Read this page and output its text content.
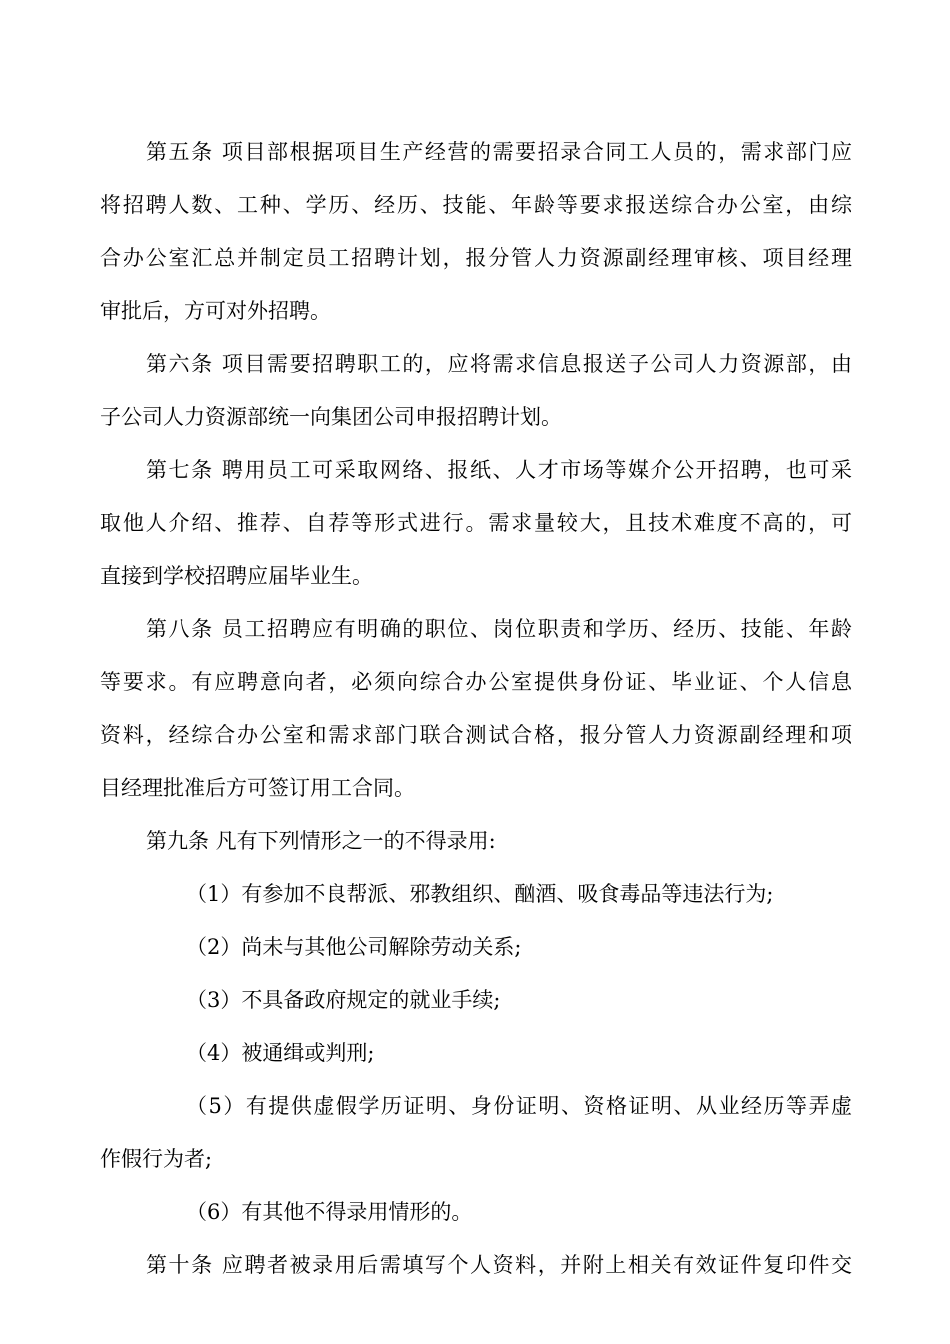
第五条 项目部根据项目生产经营的需要招录合同工人员的，需求部门应
将招聘人数、工种、学历、经历、技能、年龄等要求报送综合办公室，由综
合办公室汇总并制定员工招聘计划，报分管人力资源副经理审核、项目经理
审批后，方可对外招聘。
第六条 项目需要招聘职工的，应将需求信息报送子公司人力资源部，由
子公司人力资源部统一向集团公司申报招聘计划。
第七条 聘用员工可采取网络、报纸、人才市场等媒介公开招聘，也可采
取他人介绍、推荐、自荐等形式进行。需求量较大，且技术难度不高的，可
直接到学校招聘应届毕业生。
第八条 员工招聘应有明确的职位、岗位职责和学历、经历、技能、年龄
等要求。有应聘意向者，必须向综合办公室提供身份证、毕业证、个人信息
资料，经综合办公室和需求部门联合测试合格，报分管人力资源副经理和项
目经理批准后方可签订用工合同。
第九条 凡有下列情形之一的不得录用:
（1）有参加不良帮派、邪教组织、酗酒、吸食毒品等违法行为;
（2）尚未与其他公司解除劳动关系;
（3）不具备政府规定的就业手续;
（4）被通缉或判刑;
（5）有提供虚假学历证明、身份证明、资格证明、从业经历等弄虚
作假行为者;
（6）有其他不得录用情形的。
第十条 应聘者被录用后需填写个人资料，并附上相关有效证件复印件交
